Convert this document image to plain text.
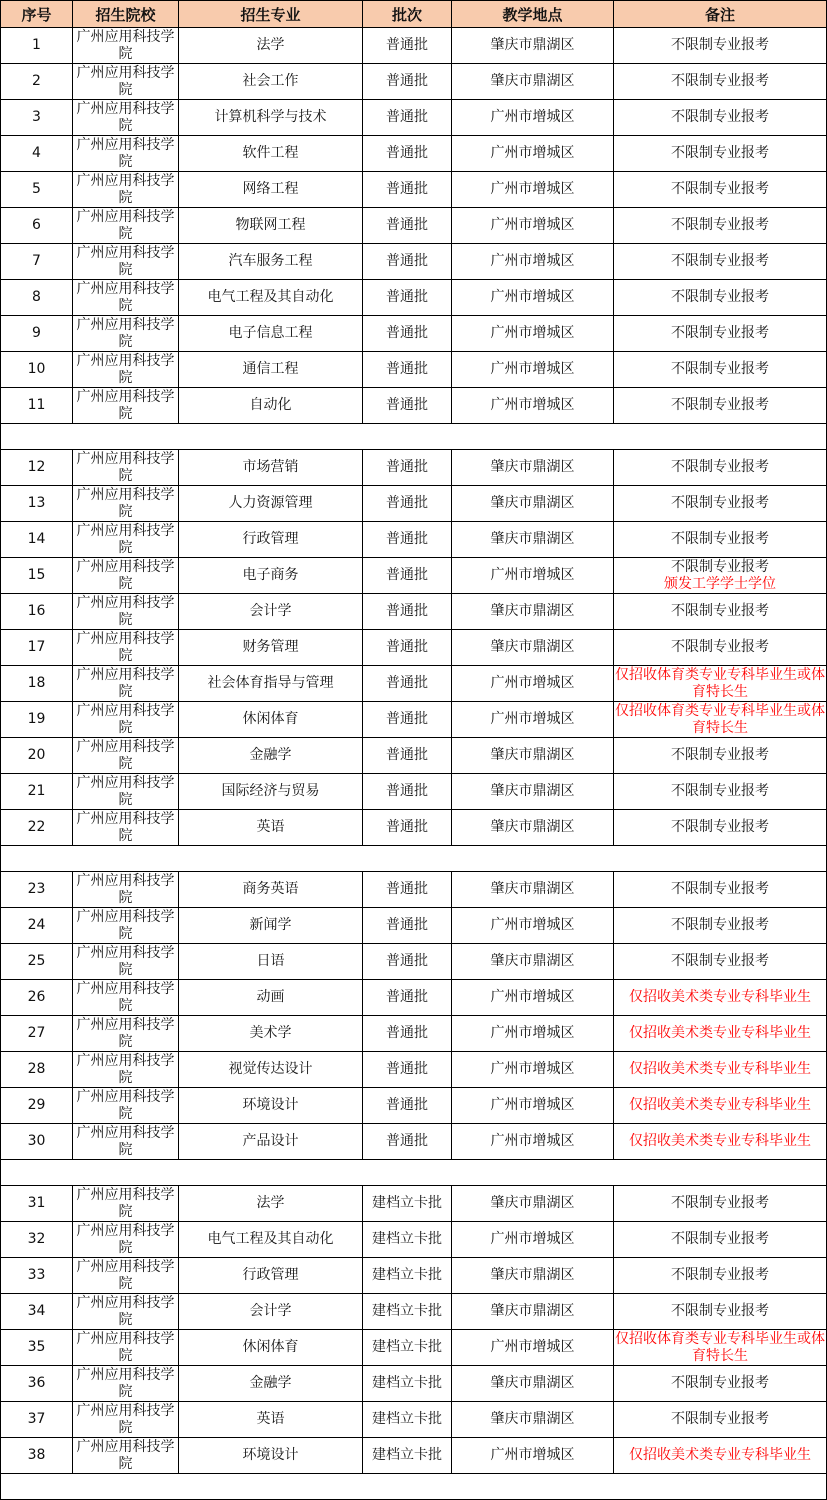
序号	招生院校	招生专业	批次	教学地点	备注
1	广州应用科技学院	法学	普通批	肇庆市鼎湖区	不限制专业报考

2	广州应用科技学院	社会工作	普通批	肇庆市鼎湖区	不限制专业报考

3	广州应用科技学院	计算机科学与技术	普通批	广州市增城区	不限制专业报考

4	广州应用科技学院	软件工程	普通批	广州市增城区	不限制专业报考

5	广州应用科技学院	网络工程	普通批	广州市增城区	不限制专业报考

6	广州应用科技学院	物联网工程	普通批	广州市增城区	不限制专业报考

7	广州应用科技学院	汽车服务工程	普通批	广州市增城区	不限制专业报考

8	广州应用科技学院	电气工程及其自动化	普通批	广州市增城区	不限制专业报考

9	广州应用科技学院	电子信息工程	普通批	广州市增城区	不限制专业报考

10	广州应用科技学院	通信工程	普通批	广州市增城区	不限制专业报考

11	广州应用科技学院	自动化	普通批	广州市增城区	不限制专业报考

12	广州应用科技学院	市场营销	普通批	肇庆市鼎湖区	不限制专业报考

13	广州应用科技学院	人力资源管理	普通批	肇庆市鼎湖区	不限制专业报考

14	广州应用科技学院	行政管理	普通批	肇庆市鼎湖区	不限制专业报考

15	广州应用科技学院	电子商务	普通批	广州市增城区	不限制专业报考
颁发工学学士学位

16	广州应用科技学院	会计学	普通批	肇庆市鼎湖区	不限制专业报考

17	广州应用科技学院	财务管理	普通批	肇庆市鼎湖区	不限制专业报考

18	广州应用科技学院	社会体育指导与管理	普通批	广州市增城区	仅招收体育类专业专科毕业生或体育特长生

19	广州应用科技学院	休闲体育	普通批	广州市增城区	仅招收体育类专业专科毕业生或体育特长生

20	广州应用科技学院	金融学	普通批	肇庆市鼎湖区	不限制专业报考

21	广州应用科技学院	国际经济与贸易	普通批	肇庆市鼎湖区	不限制专业报考

22	广州应用科技学院	英语	普通批	肇庆市鼎湖区	不限制专业报考

23	广州应用科技学院	商务英语	普通批	肇庆市鼎湖区	不限制专业报考

24	广州应用科技学院	新闻学	普通批	广州市增城区	不限制专业报考

25	广州应用科技学院	日语	普通批	肇庆市鼎湖区	不限制专业报考

26	广州应用科技学院	动画	普通批	广州市增城区	仅招收美术类专业专科毕业生

27	广州应用科技学院	美术学	普通批	广州市增城区	仅招收美术类专业专科毕业生

28	广州应用科技学院	视觉传达设计	普通批	广州市增城区	仅招收美术类专业专科毕业生

29	广州应用科技学院	环境设计	普通批	广州市增城区	仅招收美术类专业专科毕业生

30	广州应用科技学院	产品设计	普通批	广州市增城区	仅招收美术类专业专科毕业生

31	广州应用科技学院	法学	建档立卡批	肇庆市鼎湖区	不限制专业报考

32	广州应用科技学院	电气工程及其自动化	建档立卡批	广州市增城区	不限制专业报考

33	广州应用科技学院	行政管理	建档立卡批	肇庆市鼎湖区	不限制专业报考

34	广州应用科技学院	会计学	建档立卡批	肇庆市鼎湖区	不限制专业报考

35	广州应用科技学院	休闲体育	建档立卡批	广州市增城区	仅招收体育类专业专科毕业生或体育特长生

36	广州应用科技学院	金融学	建档立卡批	肇庆市鼎湖区	不限制专业报考

37	广州应用科技学院	英语	建档立卡批	肇庆市鼎湖区	不限制专业报考

38	广州应用科技学院	环境设计	建档立卡批	广州市增城区	仅招收美术类专业专科毕业生
